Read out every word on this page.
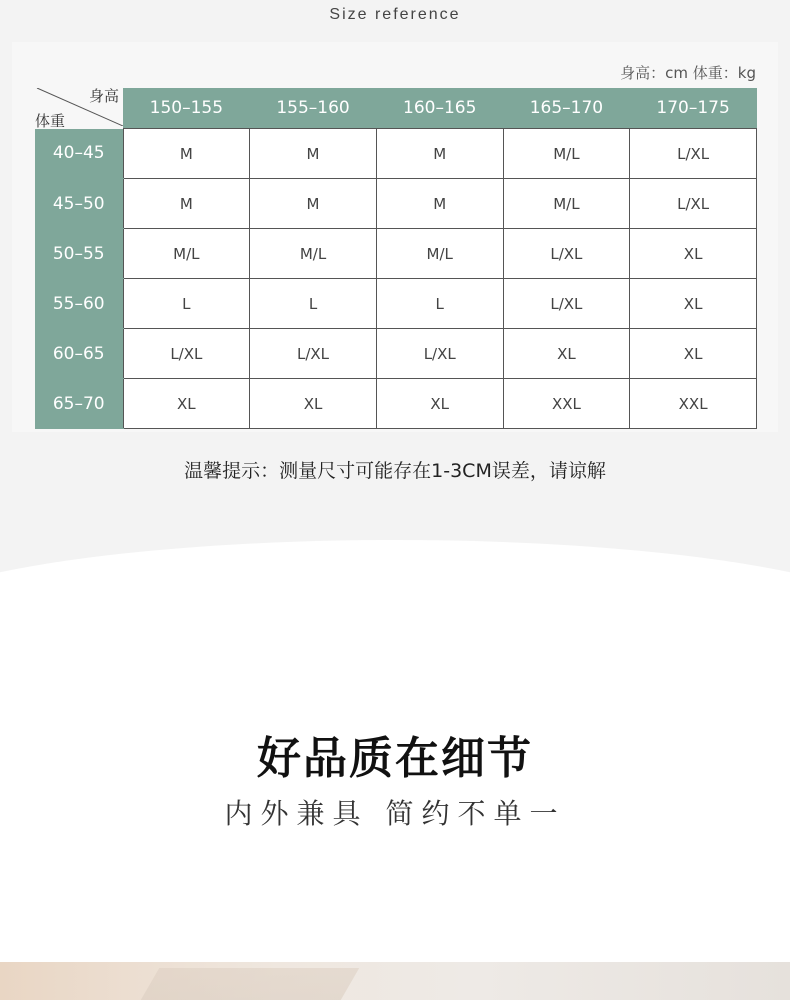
Size reference
身高：cm 体重：kg
身高
体重	150–155	155–160	160–165	165–170	170–175
40–45	M	M	M	M/L	L/XL
45–50	M	M	M	M/L	L/XL
50–55	M/L	M/L	M/L	L/XL	XL
55–60	L	L	L	L/XL	XL
60–65	L/XL	L/XL	L/XL	XL	XL
65–70	XL	XL	XL	XXL	XXL
温馨提示：测量尺寸可能存在1-3CM误差，请谅解
好品质在细节
内外兼具 简约不单一
